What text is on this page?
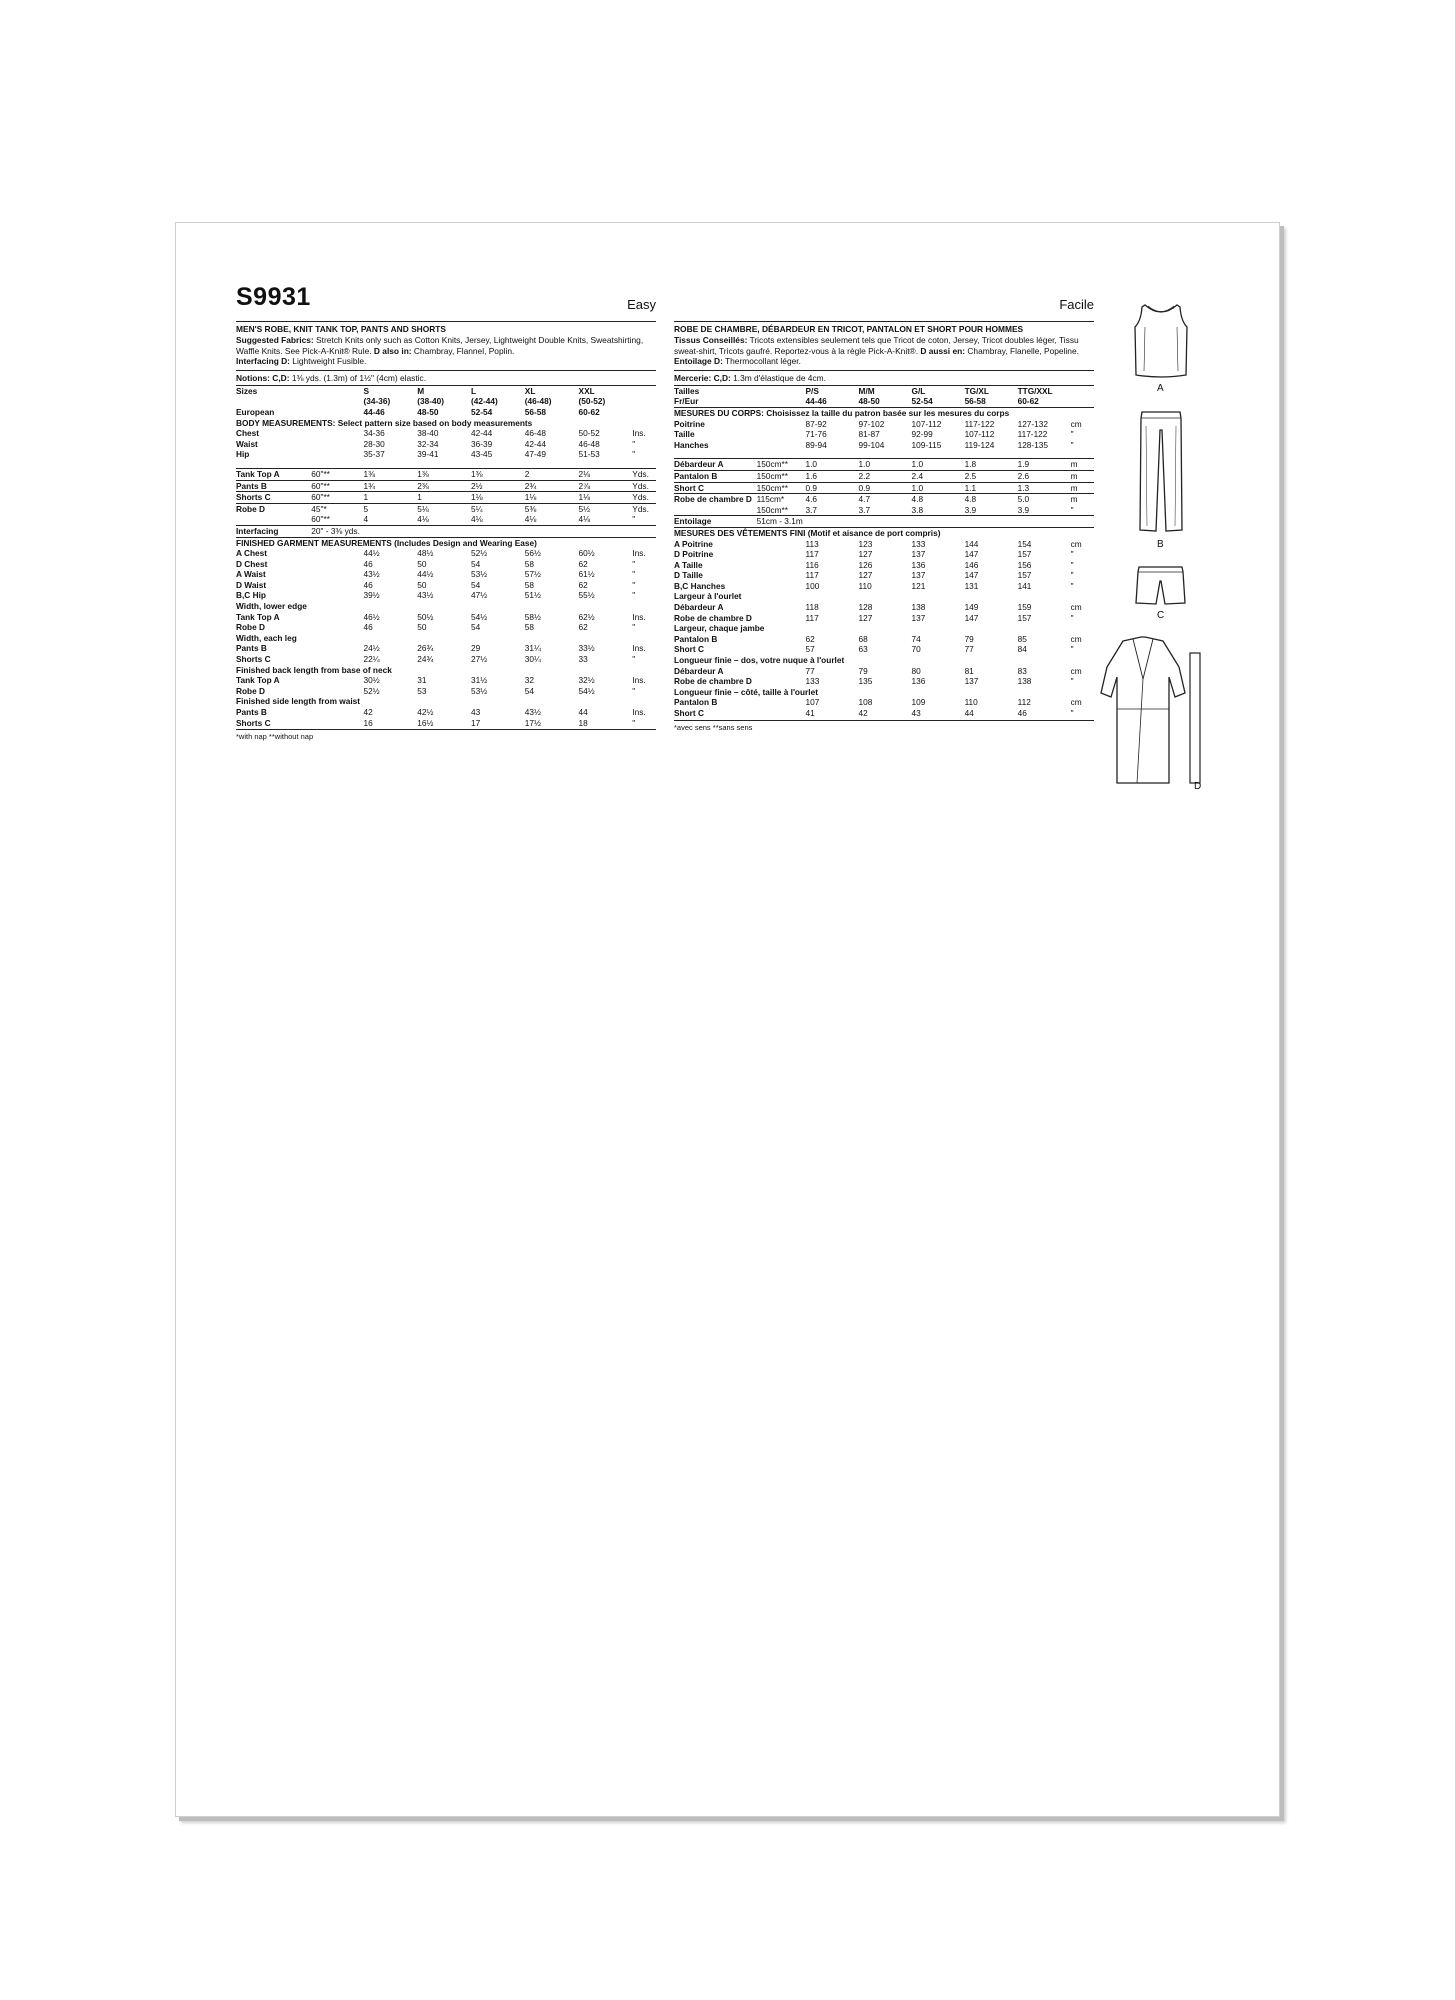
S9931	Easy
MEN'S ROBE, KNIT TANK TOP, PANTS AND SHORTS
Suggested Fabrics: Stretch Knits only such as Cotton Knits, Jersey, Lightweight Double Knits, Sweatshirting, Waffle Knits. See Pick-A-Knit® Rule. D also in: Chambray, Flannel, Poplin.
Interfacing D: Lightweight Fusible.
Notions: C,D: 1⅜ yds. (1.3m) of 1½" (4cm) elastic.
Sizes		S	M	L	XL	XXL	
		(34-36)	(38-40)	(42-44)	(46-48)	(50-52)	
European		44-46	48-50	52-54	56-58	60-62	
BODY MEASUREMENTS: Select pattern size based on body measurements							
Chest		34-36	38-40	42-44	46-48	50-52	Ins.
Waist		28-30	32-34	36-39	42-44	46-48	"
Hip		35-37	39-41	43-45	47-49	51-53	"

Tank Top A	60"**	1⅜	1⅜	1⅜	2	2⅛	Yds.
Pants B	60"**	1¾	2⅜	2½	2¾	2⅞	Yds.
Shorts C	60"**	1	1	1⅛	1⅛	1⅛	Yds.
Robe D	45"*	5	5⅛	5¼	5⅜	5½	Yds.
	60"**	4	4⅛	4⅛	4⅛	4⅛	"
Interfacing	20" - 3⅜ yds.						
FINISHED GARMENT MEASUREMENTS (Includes Design and Wearing Ease)							
A Chest		44½	48½	52½	56½	60½	Ins.
D Chest		46	50	54	58	62	"
A Waist		43½	44½	53½	57½	61½	"
D Waist		46	50	54	58	62	"
B,C Hip		39½	43½	47½	51½	55½	"
Width, lower edge							
Tank Top A		46½	50½	54½	58½	62½	Ins.
Robe D		46	50	54	58	62	"
Width, each leg							
Pants B		24½	26¾	29	31¼	33½	Ins.
Shorts C		22¼	24¾	27½	30¼	33	"
Finished back length from base of neck							
Tank Top A		30½	31	31½	32	32½	Ins.
Robe D		52½	53	53½	54	54½	"
Finished side length from waist							
Pants B		42	42½	43	43½	44	Ins.
Shorts C		16	16½	17	17½	18	"
*with nap **without nap
Facile
ROBE DE CHAMBRE, DÉBARDEUR EN TRICOT, PANTALON ET SHORT POUR HOMMES
Tissus Conseillés: Tricots extensibles seulement tels que Tricot de coton, Jersey, Tricot doubles léger, Tissu sweat-shirt, Tricots gaufré. Reportez-vous à la règle Pick-A-Knit®. D aussi en: Chambray, Flanelle, Popeline. Entoilage D: Thermocollant léger.
Mercerie: C,D: 1.3m d'élastique de 4cm.
Tailles		P/S	M/M	G/L	TG/XL	TTG/XXL	
Fr/Eur		44-46	48-50	52-54	56-58	60-62	
MESURES DU CORPS: Choisissez la taille du patron basée sur les mesures du corps							
Poitrine		87-92	97-102	107-112	117-122	127-132	cm
Taille		71-76	81-87	92-99	107-112	117-122	"
Hanches		89-94	99-104	109-115	119-124	128-135	"

Débardeur A	150cm**	1.0	1.0	1.0	1.8	1.9	m
Pantalon B	150cm**	1.6	2.2	2.4	2.5	2.6	m
Short C	150cm**	0.9	0.9	1.0	1.1	1.3	m
Robe de chambre D	115cm*	4.6	4.7	4.8	4.8	5.0	m
	150cm**	3.7	3.7	3.8	3.9	3.9	"
Entoilage	51cm - 3.1m						
MESURES DES VÊTEMENTS FINI (Motif et aisance de port compris)							
A Poitrine		113	123	133	144	154	cm
D Poitrine		117	127	137	147	157	"
A Taille		116	126	136	146	156	"
D Taille		117	127	137	147	157	"
B,C Hanches		100	110	121	131	141	"
Largeur à l'ourlet							
Débardeur A		118	128	138	149	159	cm
Robe de chambre D		117	127	137	147	157	"
Largeur, chaque jambe							
Pantalon B		62	68	74	79	85	cm
Short C		57	63	70	77	84	"
Longueur finie – dos, votre nuque à l'ourlet							
Débardeur A		77	79	80	81	83	cm
Robe de chambre D		133	135	136	137	138	"
Longueur finie – côté, taille à l'ourlet							
Pantalon B		107	108	109	110	112	cm
Short C		41	42	43	44	46	"
*avec sens **sans sens
A
B
C
D
